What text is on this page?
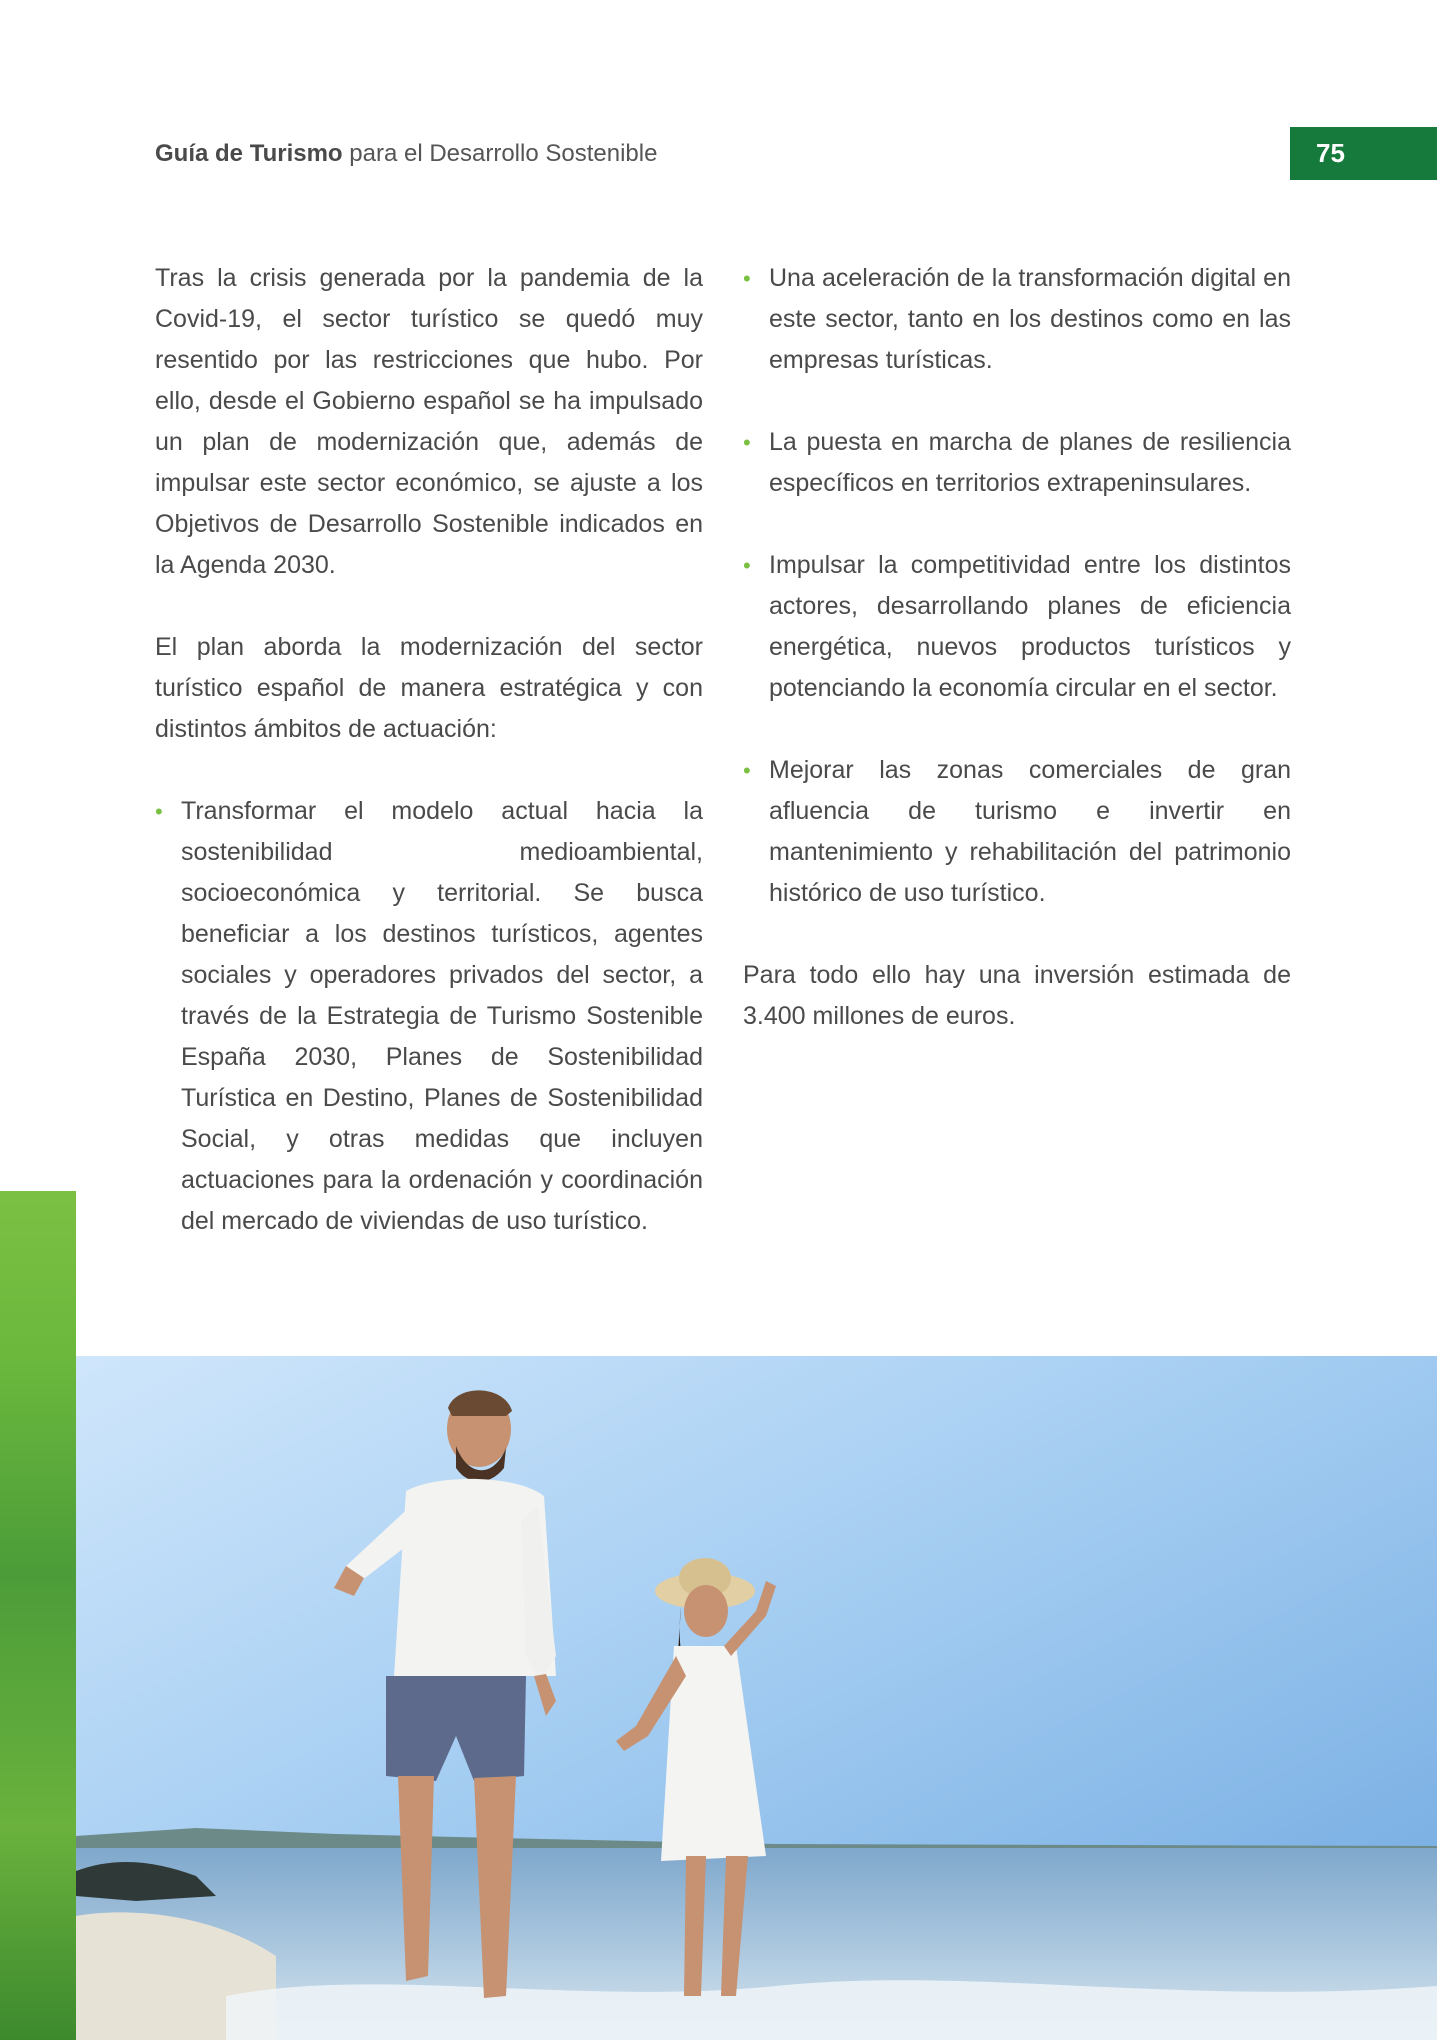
Guía de Turismo para el Desarrollo Sostenible	75

Tras la crisis generada por la pandemia de la Covid-19, el sector turístico se quedó muy resentido por las restricciones que hubo. Por ello, desde el Gobierno español se ha impulsado un plan de modernización que, además de impulsar este sector económico, se ajuste a los Objetivos de Desarrollo Sostenible indicados en la Agenda 2030.

El plan aborda la modernización del sector turístico español de manera estratégica y con distintos ámbitos de actuación:

• Transformar el modelo actual hacia la sostenibilidad medioambiental, socioeconómica y territorial. Se busca beneficiar a los destinos turísticos, agentes sociales y operadores privados del sector, a través de la Estrategia de Turismo Sostenible España 2030, Planes de Sostenibilidad Turística en Destino, Planes de Sostenibilidad Social, y otras medidas que incluyen actuaciones para la ordenación y coordinación del mercado de viviendas de uso turístico.
• Una aceleración de la transformación digital en este sector, tanto en los destinos como en las empresas turísticas.
• La puesta en marcha de planes de resiliencia específicos en territorios extrapeninsulares.
• Impulsar la competitividad entre los distintos actores, desarrollando planes de eficiencia energética, nuevos productos turísticos y potenciando la economía circular en el sector.
• Mejorar las zonas comerciales de gran afluencia de turismo e invertir en mantenimiento y rehabilitación del patrimonio histórico de uso turístico.

Para todo ello hay una inversión estimada de 3.400 millones de euros.
